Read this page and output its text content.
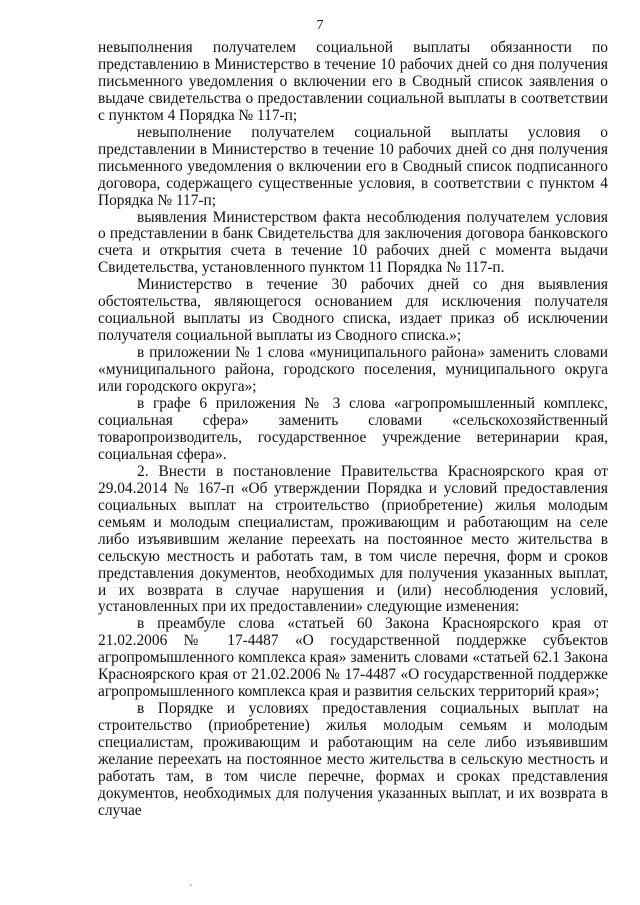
7

невыполнения получателем социальной выплаты обязанности по представлению в Министерство в течение 10 рабочих дней со дня получения письменного уведомления о включении его в Сводный список заявления о выдаче свидетельства о предоставлении социальной выплаты в соответствии с пунктом 4 Порядка № 117-п;

невыполнение получателем социальной выплаты условия о представлении в Министерство в течение 10 рабочих дней со дня получения письменного уведомления о включении его в Сводный список подписанного договора, содержащего существенные условия, в соответствии с пунктом 4 Порядка № 117-п;

выявления Министерством факта несоблюдения получателем условия о представлении в банк Свидетельства для заключения договора банковского счета и открытия счета в течение 10 рабочих дней с момента выдачи Свидетельства, установленного пунктом 11 Порядка № 117-п.

Министерство в течение 30 рабочих дней со дня выявления обстоятельства, являющегося основанием для исключения получателя социальной выплаты из Сводного списка, издает приказ об исключении получателя социальной выплаты из Сводного списка.»;

в приложении № 1 слова «муниципального района» заменить словами «муниципального района, городского поселения, муниципального округа или городского округа»;

в графе 6 приложения № 3 слова «агропромышленный комплекс, социальная сфера» заменить словами «сельскохозяйственный товаропроизводитель, государственное учреждение ветеринарии края, социальная сфера».

2. Внести в постановление Правительства Красноярского края от 29.04.2014 № 167-п «Об утверждении Порядка и условий предоставления социальных выплат на строительство (приобретение) жилья молодым семьям и молодым специалистам, проживающим и работающим на селе либо изъявившим желание переехать на постоянное место жительства в сельскую местность и работать там, в том числе перечня, форм и сроков представления документов, необходимых для получения указанных выплат, и их возврата в случае нарушения и (или) несоблюдения условий, установленных при их предоставлении» следующие изменения:

в преамбуле слова «статьей 60 Закона Красноярского края от 21.02.2006 № 17-4487 «О государственной поддержке субъектов агропромышленного комплекса края» заменить словами «статьей 62.1 Закона Красноярского края от 21.02.2006 № 17-4487 «О государственной поддержке агропромышленного комплекса края и развития сельских территорий края»;

в Порядке и условиях предоставления социальных выплат на строительство (приобретение) жилья молодым семьям и молодым специалистам, проживающим и работающим на селе либо изъявившим желание переехать на постоянное место жительства в сельскую местность и работать там, в том числе перечне, формах и сроках представления документов, необходимых для получения указанных выплат, и их возврата в случае
